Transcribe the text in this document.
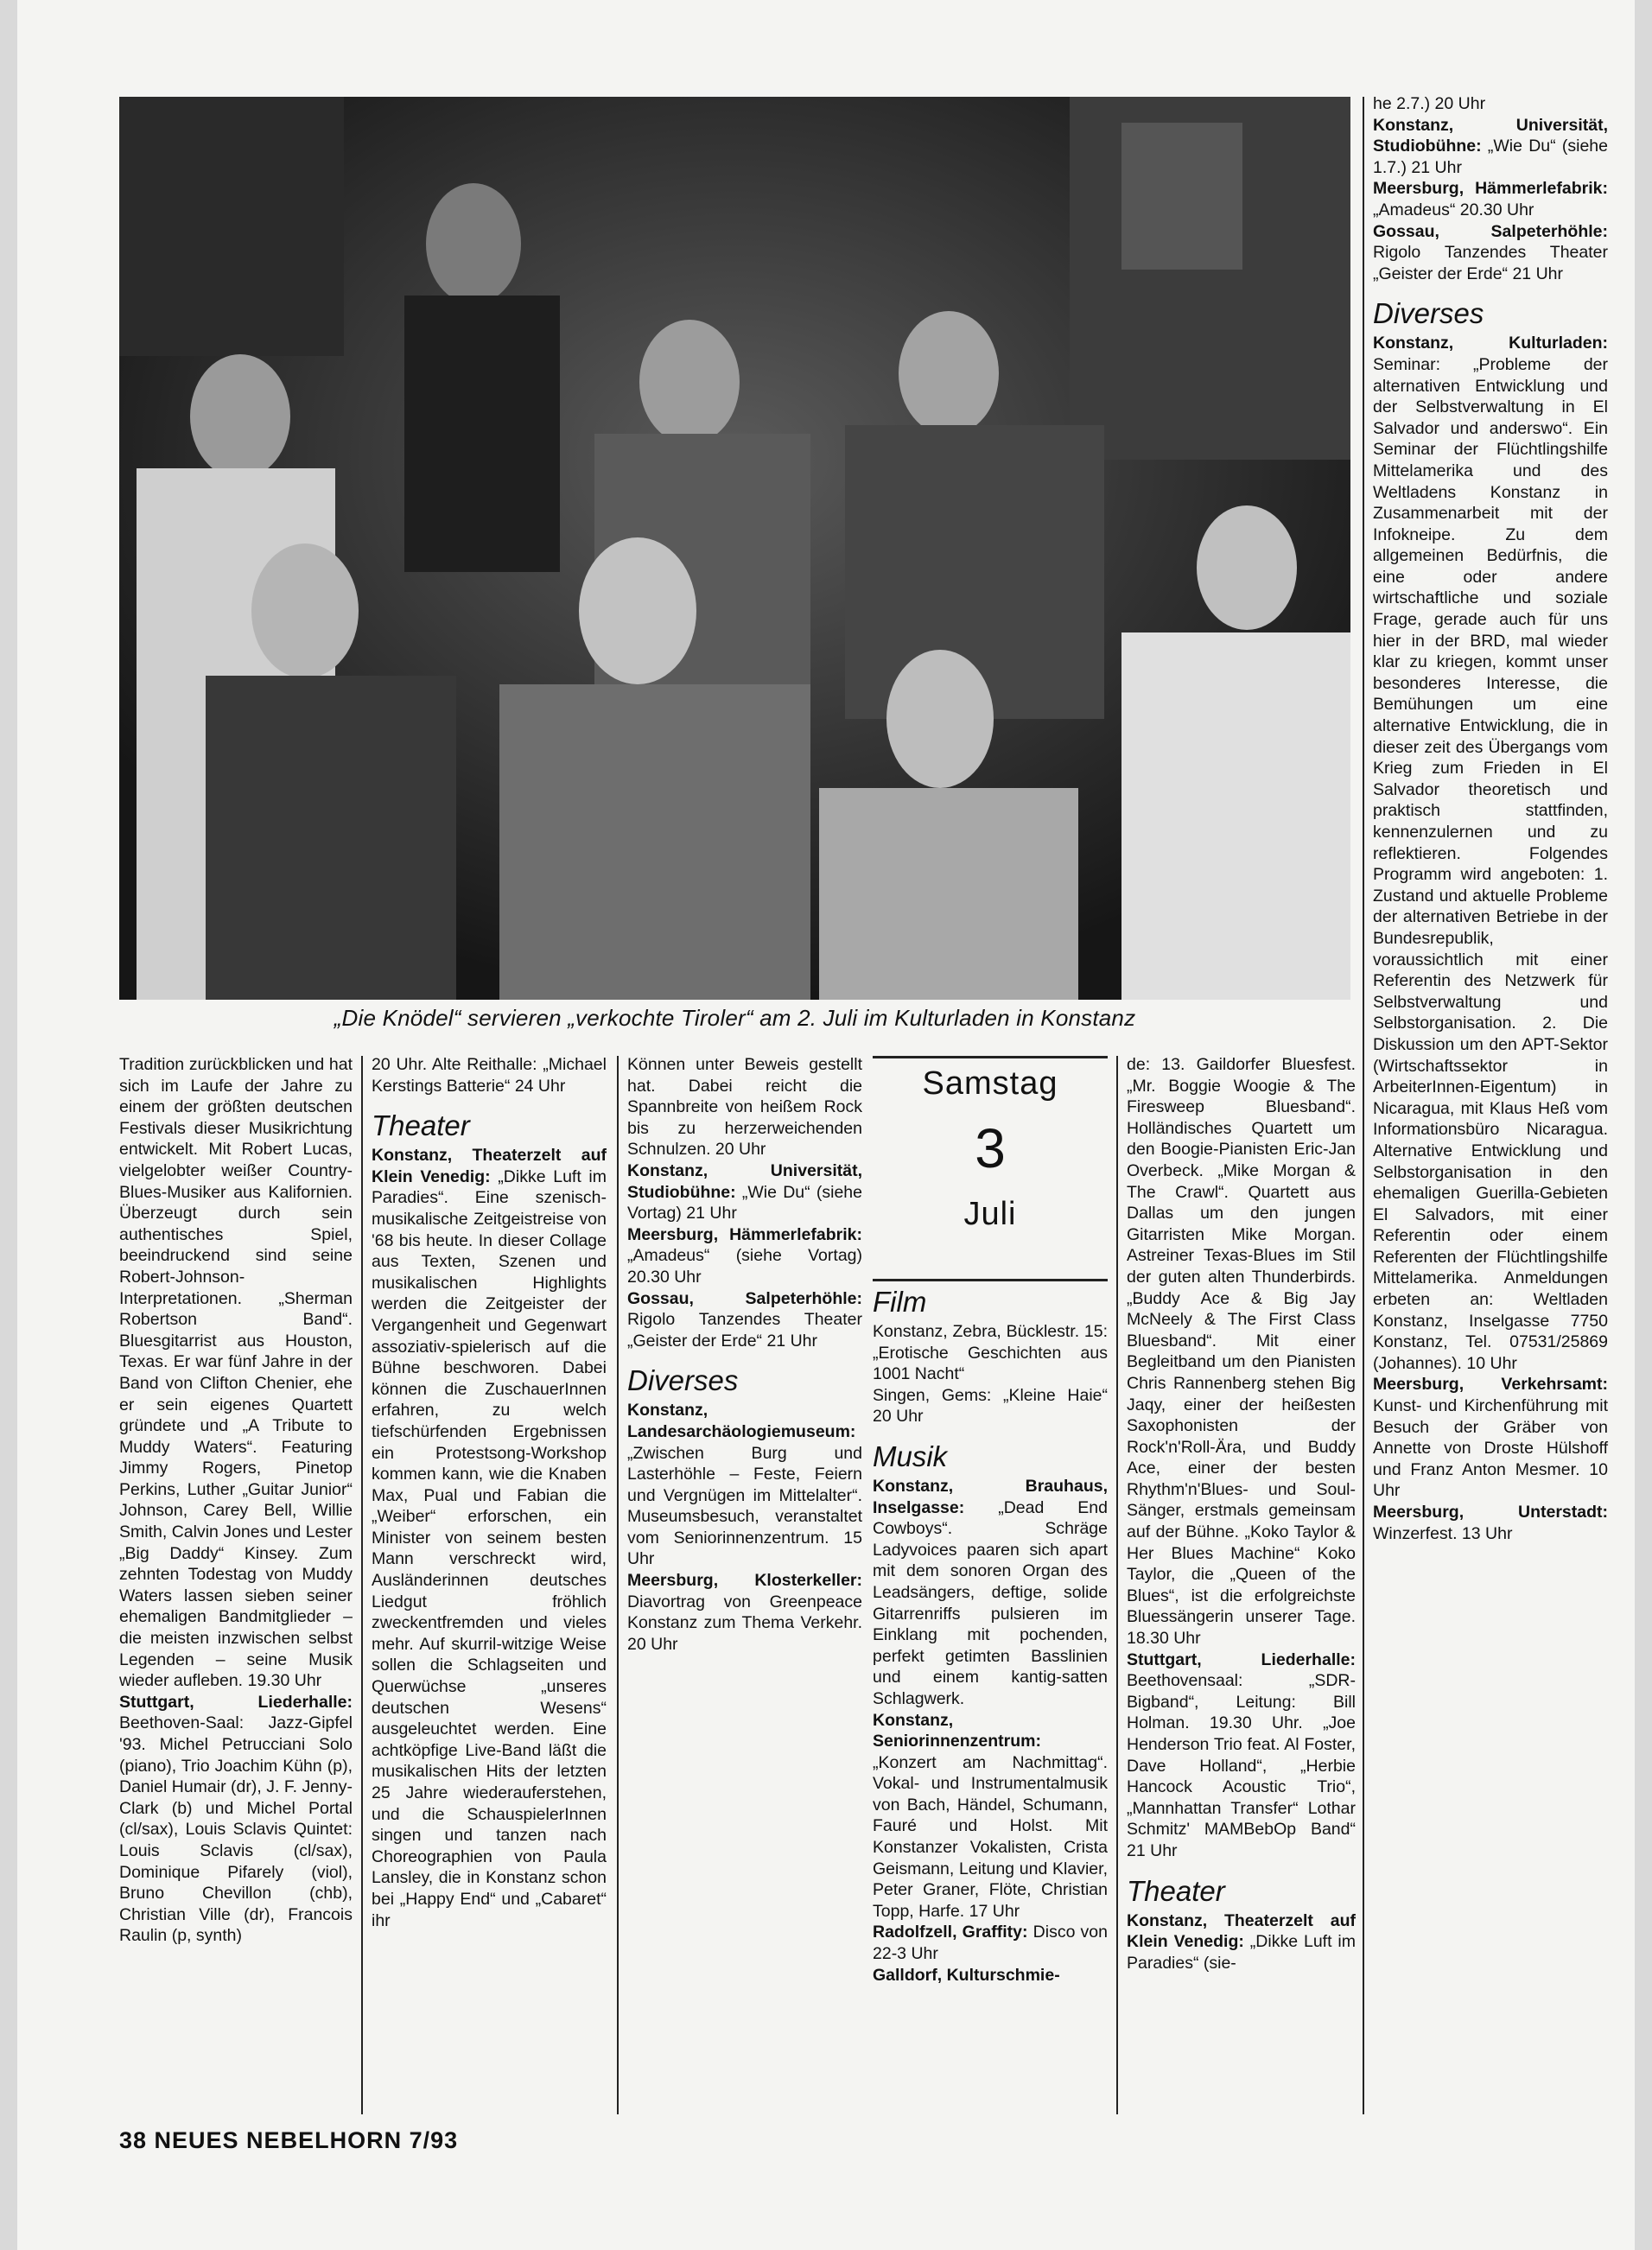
„Die Knödel“ servieren „verkochte Tiroler“ am 2. Juli im Kulturladen in Konstanz

Tradition zurückblicken und hat sich im Laufe der Jahre zu einem der größten deutschen Festivals dieser Musikrichtung entwickelt. Mit Robert Lucas, vielgelobter weißer Country-Blues-Musiker aus Kalifornien. Überzeugt durch sein authentisches Spiel, beeindruckend sind seine Robert-Johnson-Interpretationen. „Sherman Robertson Band“. Bluesgitarrist aus Houston, Texas. Er war fünf Jahre in der Band von Clifton Chenier, ehe er sein eigenes Quartett gründete und „A Tribute to Muddy Waters“. Featuring Jimmy Rogers, Pinetop Perkins, Luther „Guitar Junior“ Johnson, Carey Bell, Willie Smith, Calvin Jones und Lester „Big Daddy“ Kinsey. Zum zehnten Todestag von Muddy Waters lassen sieben seiner ehemaligen Bandmitglieder – die meisten inzwischen selbst Legenden – seine Musik wieder aufleben. 19.30 Uhr

Stuttgart, Liederhalle: Beethoven-Saal: Jazz-Gipfel '93. Michel Petrucciani Solo (piano), Trio Joachim Kühn (p), Daniel Humair (dr), J. F. Jenny-Clark (b) und Michel Portal (cl/sax), Louis Sclavis Quintet: Louis Sclavis (cl/sax), Dominique Pifarely (viol), Bruno Chevillon (chb), Christian Ville (dr), Francois Raulin (p, synth)

20 Uhr. Alte Reithalle: „Michael Kerstings Batterie“ 24 Uhr

Theater

Konstanz, Theaterzelt auf Klein Venedig: „Dikke Luft im Paradies“. Eine szenisch-musikalische Zeitgeistreise von '68 bis heute. In dieser Collage aus Texten, Szenen und musikalischen Highlights werden die Zeitgeister der Vergangenheit und Gegenwart assoziativ-spielerisch auf die Bühne beschworen. Dabei können die ZuschauerInnen erfahren, zu welch tiefschürfenden Ergebnissen ein Protestsong-Workshop kommen kann, wie die Knaben Max, Pual und Fabian die „Weiber“ erforschen, ein Minister von seinem besten Mann verschreckt wird, Ausländerinnen deutsches Liedgut fröhlich zweckentfremden und vieles mehr. Auf skurril-witzige Weise sollen die Schlagseiten und Querwüchse „unseres deutschen Wesens“ ausgeleuchtet werden. Eine achtköpfige Live-Band läßt die musikalischen Hits der letzten 25 Jahre wiederauferstehen, und die SchauspielerInnen singen und tanzen nach Choreographien von Paula Lansley, die in Konstanz schon bei „Happy End“ und „Cabaret“ ihr

Können unter Beweis gestellt hat. Dabei reicht die Spannbreite von heißem Rock bis zu herzerweichenden Schnulzen. 20 Uhr

Konstanz, Universität, Studiobühne: „Wie Du“ (siehe Vortag) 21 Uhr

Meersburg, Hämmerlefabrik: „Amadeus“ (siehe Vortag) 20.30 Uhr

Gossau, Salpeterhöhle: Rigolo Tanzendes Theater „Geister der Erde“ 21 Uhr

Diverses

Konstanz, Landesarchäologiemuseum: „Zwischen Burg und Lasterhöhle – Feste, Feiern und Vergnügen im Mittelalter“. Museumsbesuch, veranstaltet vom Seniorinnenzentrum. 15 Uhr

Meersburg, Klosterkeller: Diavortrag von Greenpeace Konstanz zum Thema Verkehr. 20 Uhr

Samstag
3
Juli
Film

Konstanz, Zebra, Bücklestr. 15: „Erotische Geschichten aus 1001 Nacht“

Singen, Gems: „Kleine Haie“ 20 Uhr

Musik

Konstanz, Brauhaus, Inselgasse: „Dead End Cowboys“. Schräge Ladyvoices paaren sich apart mit dem sonoren Organ des Leadsängers, deftige, solide Gitarrenriffs pulsieren im Einklang mit pochenden, perfekt getimten Basslinien und einem kantig-satten Schlagwerk.

Konstanz, Seniorinnenzentrum: „Konzert am Nachmittag“. Vokal- und Instrumentalmusik von Bach, Händel, Schumann, Fauré und Holst. Mit Konstanzer Vokalisten, Crista Geismann, Leitung und Klavier, Peter Graner, Flöte, Christian Topp, Harfe. 17 Uhr

Radolfzell, Graffity: Disco von 22-3 Uhr

Galldorf, Kulturschmie-

de: 13. Gaildorfer Bluesfest. „Mr. Boggie Woogie & The Firesweep Bluesband“. Holländisches Quartett um den Boogie-Pianisten Eric-Jan Overbeck. „Mike Morgan & The Crawl“. Quartett aus Dallas um den jungen Gitarristen Mike Morgan. Astreiner Texas-Blues im Stil der guten alten Thunderbirds. „Buddy Ace & Big Jay McNeely & The First Class Bluesband“. Mit einer Begleitband um den Pianisten Chris Rannenberg stehen Big Jaqy, einer der heißesten Saxophonisten der Rock'n'Roll-Ära, und Buddy Ace, einer der besten Rhythm'n'Blues- und Soul-Sänger, erstmals gemeinsam auf der Bühne. „Koko Taylor & Her Blues Machine“ Koko Taylor, die „Queen of the Blues“, ist die erfolgreichste Bluessängerin unserer Tage. 18.30 Uhr

Stuttgart, Liederhalle: Beethovensaal: „SDR-Bigband“, Leitung: Bill Holman. 19.30 Uhr. „Joe Henderson Trio feat. Al Foster, Dave Holland“, „Herbie Hancock Acoustic Trio“, „Mannhattan Transfer“ Lothar Schmitz' MAMBebOp Band“ 21 Uhr

Theater

Konstanz, Theaterzelt auf Klein Venedig: „Dikke Luft im Paradies“ (sie-

he 2.7.) 20 Uhr

Konstanz, Universität, Studiobühne: „Wie Du“ (siehe 1.7.) 21 Uhr

Meersburg, Hämmerlefabrik: „Amadeus“ 20.30 Uhr

Gossau, Salpeterhöhle: Rigolo Tanzendes Theater „Geister der Erde“ 21 Uhr

Diverses

Konstanz, Kulturladen: Seminar: „Probleme der alternativen Entwicklung und der Selbstverwaltung in El Salvador und anderswo“. Ein Seminar der Flüchtlingshilfe Mittelamerika und des Weltladens Konstanz in Zusammenarbeit mit der Infokneipe. Zu dem allgemeinen Bedürfnis, die eine oder andere wirtschaftliche und soziale Frage, gerade auch für uns hier in der BRD, mal wieder klar zu kriegen, kommt unser besonderes Interesse, die Bemühungen um eine alternative Entwicklung, die in dieser zeit des Übergangs vom Krieg zum Frieden in El Salvador theoretisch und praktisch stattfinden, kennenzulernen und zu reflektieren. Folgendes Programm wird angeboten: 1. Zustand und aktuelle Probleme der alternativen Betriebe in der Bundesrepublik, voraussichtlich mit einer Referentin des Netzwerk für Selbstverwaltung und Selbstorganisation. 2. Die Diskussion um den APT-Sektor (Wirtschaftssektor in ArbeiterInnen-Eigentum) in Nicaragua, mit Klaus Heß vom Informationsbüro Nicaragua. Alternative Entwicklung und Selbstorganisation in den ehemaligen Guerilla-Gebieten El Salvadors, mit einer Referentin oder einem Referenten der Flüchtlingshilfe Mittelamerika. Anmeldungen erbeten an: Weltladen Konstanz, Inselgasse 7750 Konstanz, Tel. 07531/25869 (Johannes). 10 Uhr

Meersburg, Verkehrsamt: Kunst- und Kirchenführung mit Besuch der Gräber von Annette von Droste Hülshoff und Franz Anton Mesmer. 10 Uhr

Meersburg, Unterstadt: Winzerfest. 13 Uhr

38 NEUES NEBELHORN 7/93
